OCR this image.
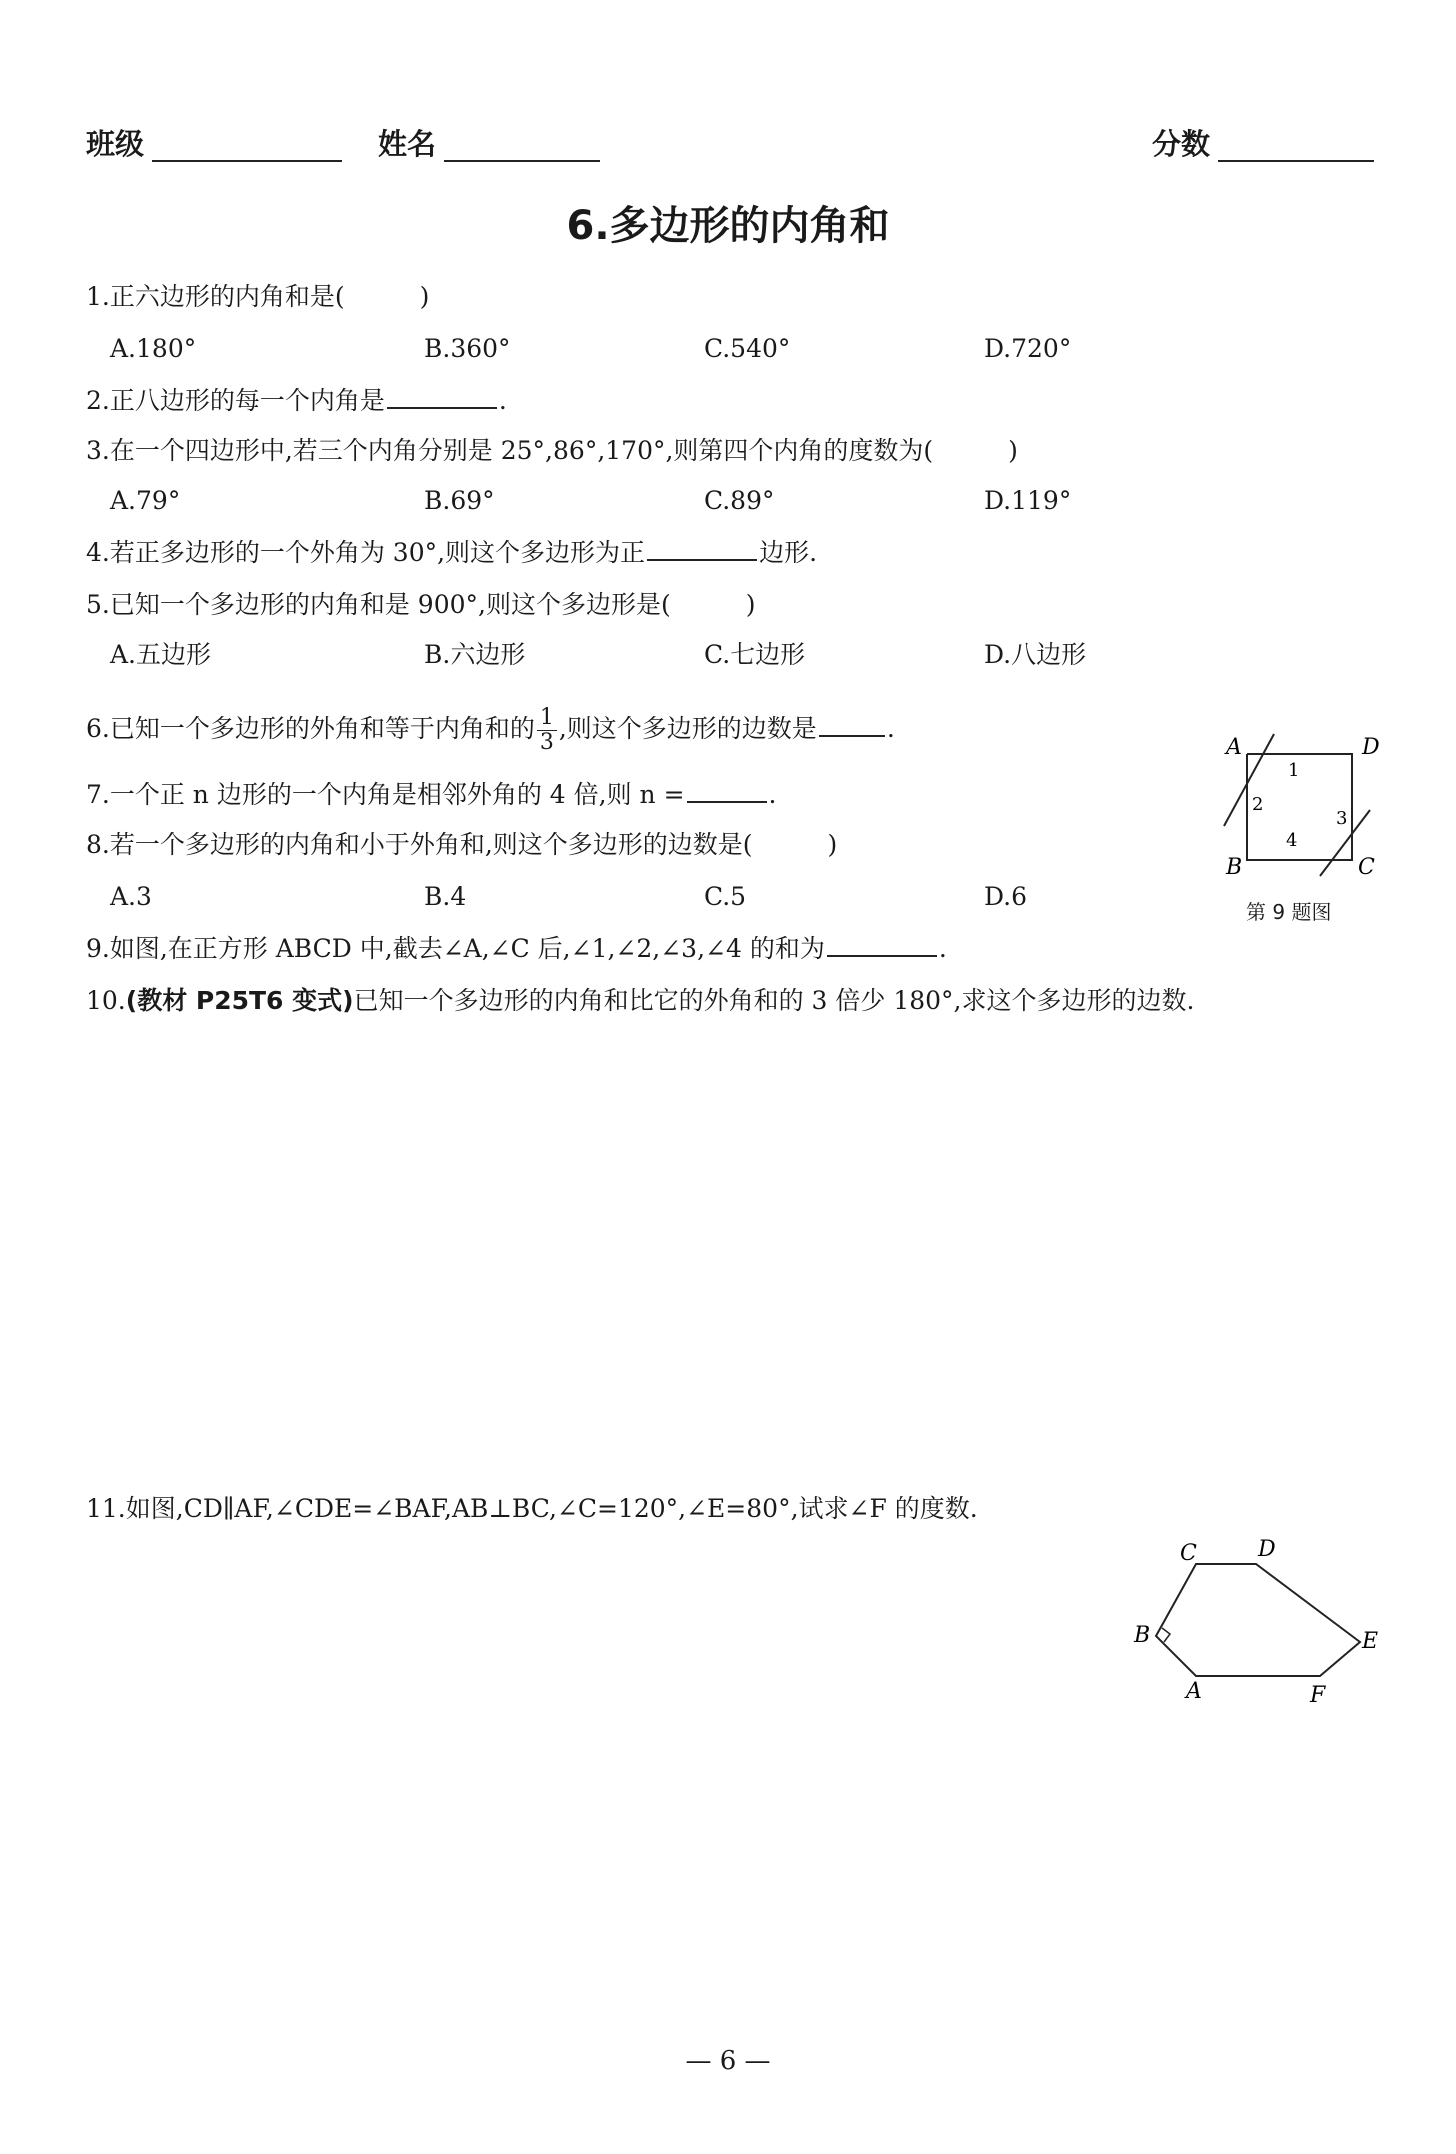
班级	姓名	分数
6.多边形的内角和
1.正六边形的内角和是(　　　)
A.180°	B.360°	C.540°	D.720°
2.正八边形的每一个内角是	.
3.在一个四边形中,若三个内角分别是 25°,86°,170°,则第四个内角的度数为(　　　)
A.79°	B.69°	C.89°	D.119°
4.若正多边形的一个外角为 30°,则这个多边形为正	边形.
5.已知一个多边形的内角和是 900°,则这个多边形是(　　　)
A.五边形	B.六边形	C.七边形	D.八边形
6.已知一个多边形的外角和等于内角和的 $\frac{1}{3}$ ,则这个多边形的边数是	.
7.一个正 n 边形的一个内角是相邻外角的 4 倍,则 n =	.
8.若一个多边形的内角和小于外角和,则这个多边形的边数是(　　　)
A.3	B.4	C.5	D.6
9.如图,在正方形 ABCD 中,截去∠A,∠C 后,∠1,∠2,∠3,∠4 的和为	.
10.(教材 P25T6 变式)已知一个多边形的内角和比它的外角和的 3 倍少 180°,求这个多边形的边数.
11.如图,CD∥AF,∠CDE=∠BAF,AB⊥BC,∠C=120°,∠E=80°,试求∠F 的度数.
A	D
B	C
1
2
3
4
第 9 题图
C	D
B	E
A	F
— 6 —
